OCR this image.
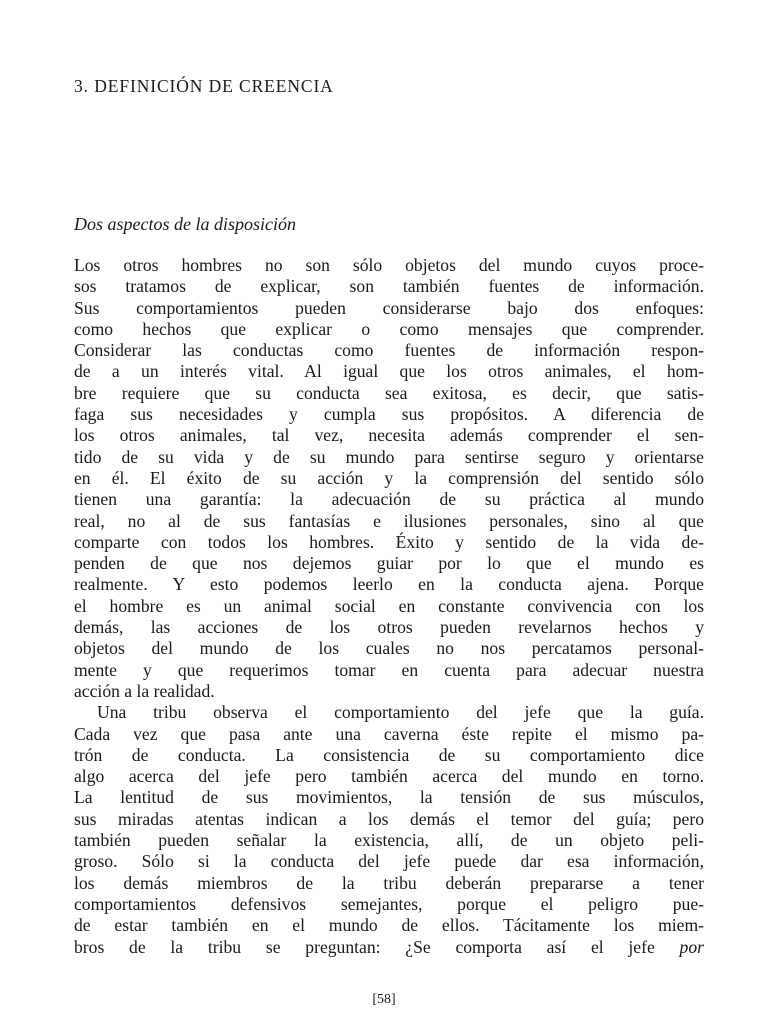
3. DEFINICIÓN DE CREENCIA
Dos aspectos de la disposición
Los otros hombres no son sólo objetos del mundo cuyos proce-
sos tratamos de explicar, son también fuentes de información.
Sus comportamientos pueden considerarse bajo dos enfoques:
como hechos que explicar o como mensajes que comprender.
Considerar las conductas como fuentes de información respon-
de a un interés vital. Al igual que los otros animales, el hom-
bre requiere que su conducta sea exitosa, es decir, que satis-
faga sus necesidades y cumpla sus propósitos. A diferencia de
los otros animales, tal vez, necesita además comprender el sen-
tido de su vida y de su mundo para sentirse seguro y orientarse
en él. El éxito de su acción y la comprensión del sentido sólo
tienen una garantía: la adecuación de su práctica al mundo
real, no al de sus fantasías e ilusiones personales, sino al que
comparte con todos los hombres. Éxito y sentido de la vida de-
penden de que nos dejemos guiar por lo que el mundo es
realmente. Y esto podemos leerlo en la conducta ajena. Porque
el hombre es un animal social en constante convivencia con los
demás, las acciones de los otros pueden revelarnos hechos y
objetos del mundo de los cuales no nos percatamos personal-
mente y que requerimos tomar en cuenta para adecuar nuestra
acción a la realidad.
Una tribu observa el comportamiento del jefe que la guía.
Cada vez que pasa ante una caverna éste repite el mismo pa-
trón de conducta. La consistencia de su comportamiento dice
algo acerca del jefe pero también acerca del mundo en torno.
La lentitud de sus movimientos, la tensión de sus músculos,
sus miradas atentas indican a los demás el temor del guía; pero
también pueden señalar la existencia, allí, de un objeto peli-
groso. Sólo si la conducta del jefe puede dar esa información,
los demás miembros de la tribu deberán prepararse a tener
comportamientos defensivos semejantes, porque el peligro pue-
de estar también en el mundo de ellos. Tácitamente los miem-
bros de la tribu se preguntan: ¿Se comporta así el jefe por

[58]
